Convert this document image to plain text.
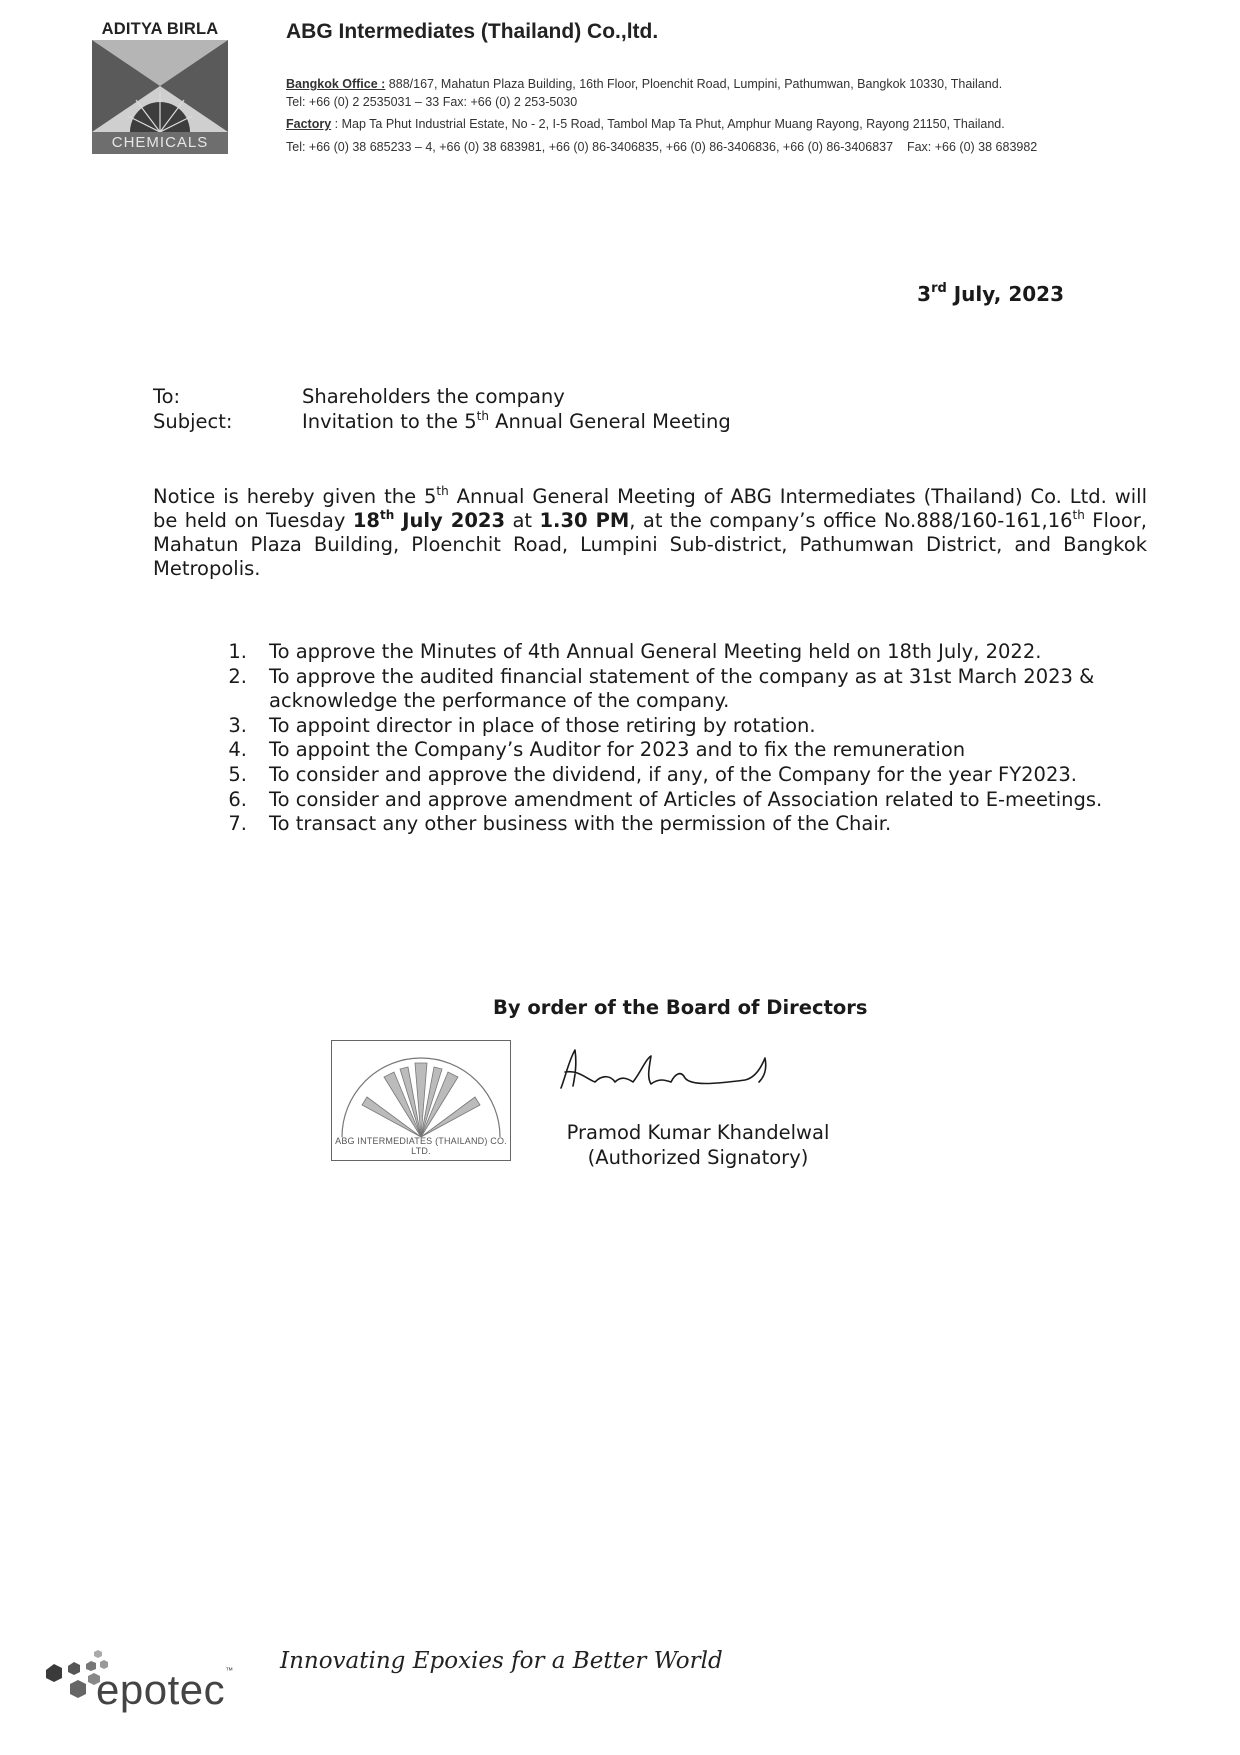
ADITYA BIRLA
CHEMICALS
ABG Intermediates (Thailand) Co.,ltd.
Bangkok Office : 888/167, Mahatun Plaza Building, 16th Floor, Ploenchit Road, Lumpini, Pathumwan, Bangkok 10330, Thailand.
Tel: +66 (0) 2 2535031 – 33 Fax: +66 (0) 2 253-5030
Factory : Map Ta Phut Industrial Estate, No - 2, I-5 Road, Tambol Map Ta Phut, Amphur Muang Rayong, Rayong 21150, Thailand.
Tel: +66 (0) 38 685233 – 4, +66 (0) 38 683981, +66 (0) 86-3406835, +66 (0) 86-3406836, +66 (0) 86-3406837    Fax: +66 (0) 38 683982
3rd July, 2023
To:	Shareholders the company
Subject:	Invitation to the 5th Annual General Meeting
Notice is hereby given the 5th Annual General Meeting of ABG Intermediates (Thailand) Co. Ltd. will be held on Tuesday 18th July 2023 at 1.30 PM, at the company’s office No.888/160-161,16th Floor, Mahatun Plaza Building, Ploenchit Road, Lumpini Sub-district, Pathumwan District, and Bangkok Metropolis.
1 .	To approve the Minutes of 4th Annual General Meeting held on 18th July, 2022.
2 .	To approve the audited financial statement of the company as at 31st March 2023 & acknowledge the performance of the company.
3 .	To appoint director in place of those retiring by rotation.
4 .	To appoint the Company’s Auditor for 2023 and to fix the remuneration
5 .	To consider and approve the dividend, if any, of the Company for the year FY2023.
6 .	To consider and approve amendment of Articles of Association related to E-meetings.
7 .	To transact any other business with the permission of the Chair.
By order of the Board of Directors
ABG INTERMEDIATES (THAILAND) CO. LTD.
Pramod Kumar Khandelwal
(Authorized Signatory)
epotec™ Innovating Epoxies for a Better World
